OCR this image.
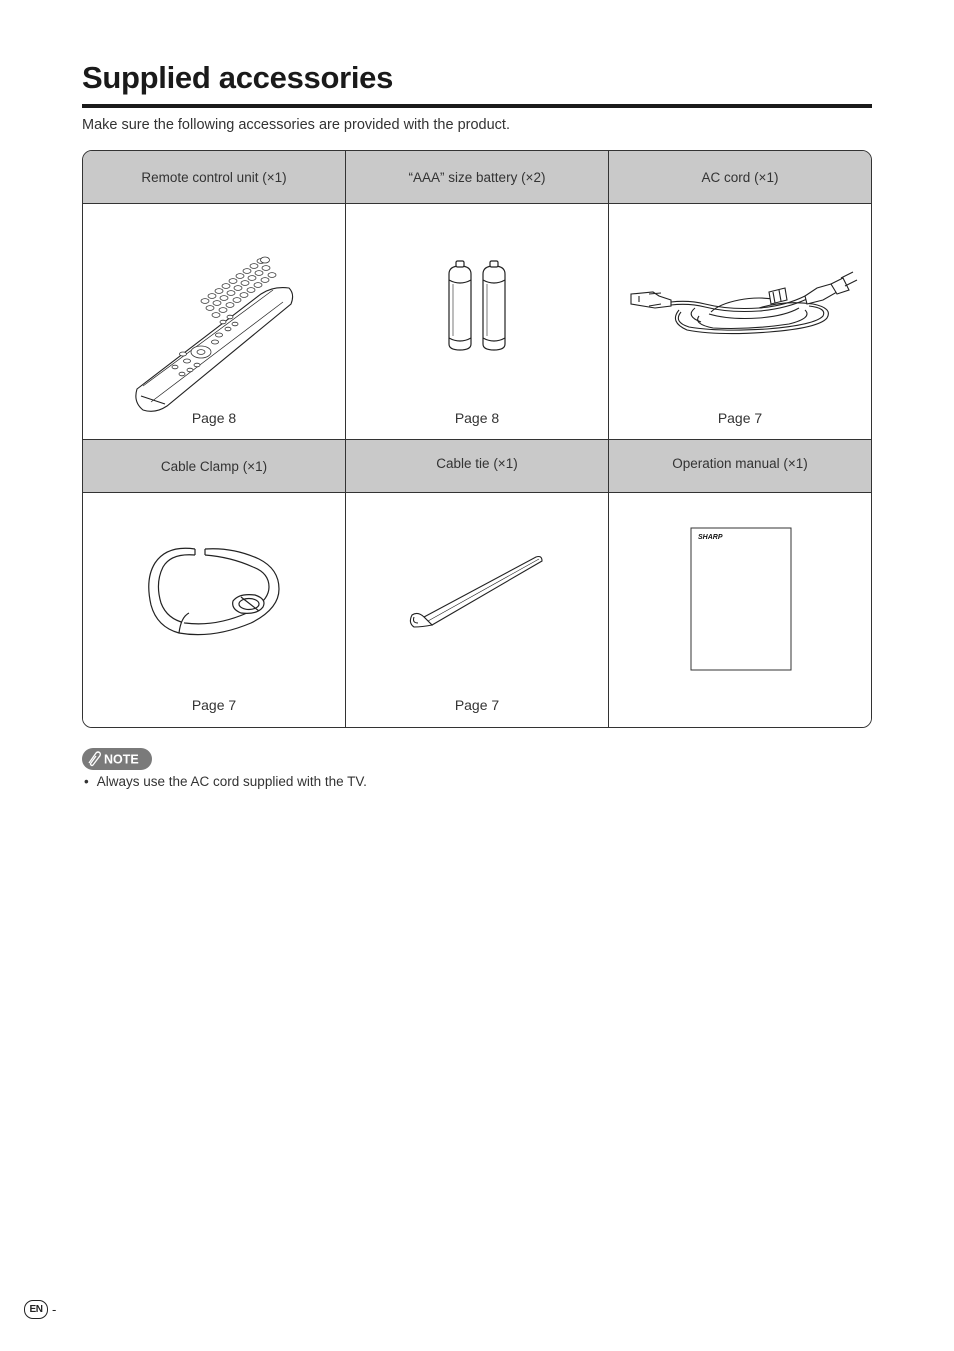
Supplied accessories
Make sure the following accessories are provided with the product.
Remote control unit (×1)	“AAA” size battery (×2)	AC cord (×1)
Page 8	Page 8	Page 7
Cable Clamp (×1)	Cable tie (×1)	Operation manual (×1)
Page 7	Page 7
SHARP
NOTE
• Always use the AC cord supplied with the TV.
EN -
